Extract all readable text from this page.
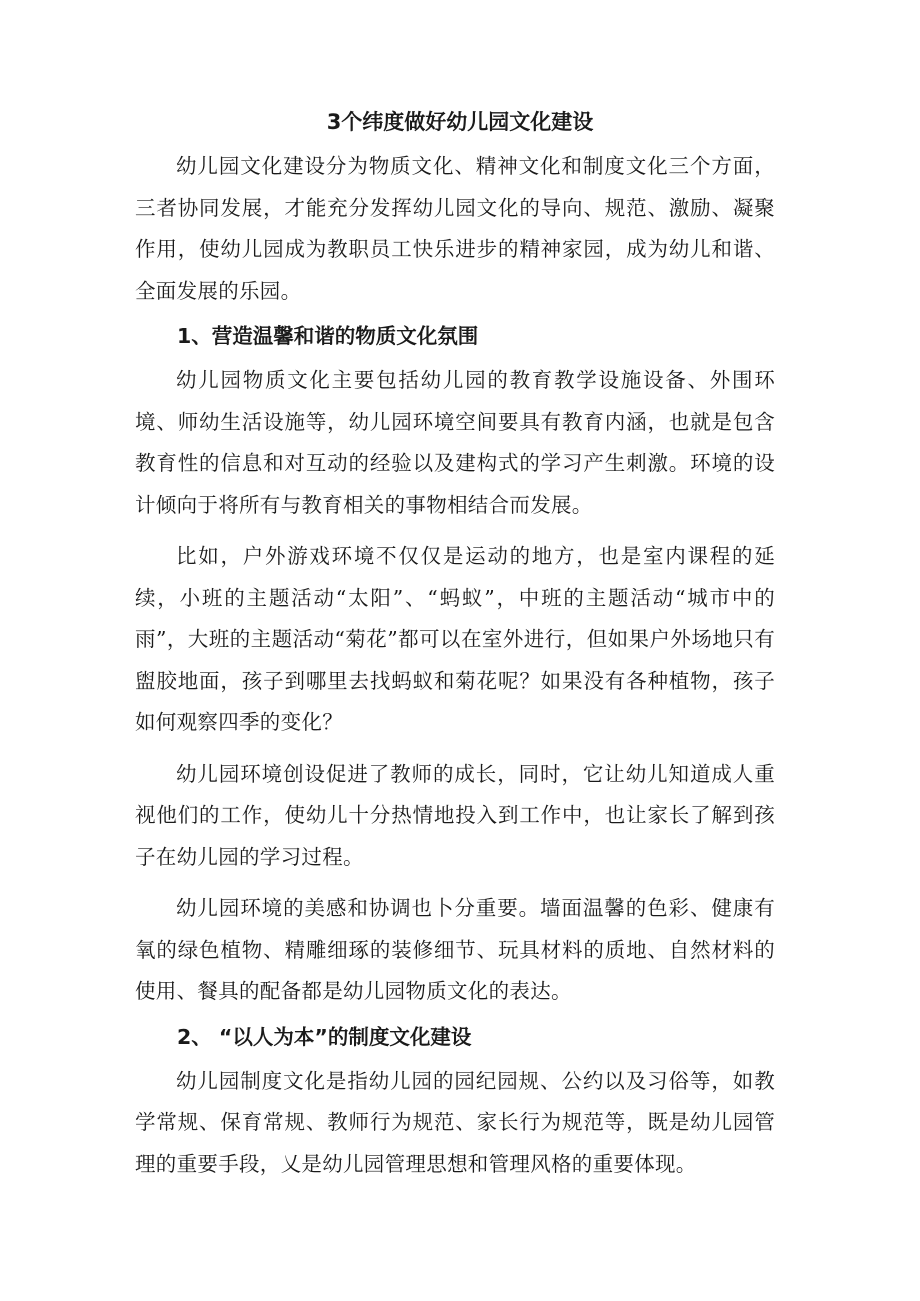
3个纬度做好幼儿园文化建设

幼儿园文化建设分为物质文化、精神文化和制度文化三个方面，三者协同发展，才能充分发挥幼儿园文化的导向、规范、激励、凝聚作用，使幼儿园成为教职员工快乐进步的精神家园，成为幼儿和谐、全面发展的乐园。

1、营造温馨和谐的物质文化氛围

幼儿园物质文化主要包括幼儿园的教育教学设施设备、外围环境、师幼生活设施等，幼儿园环境空间要具有教育内涵，也就是包含教育性的信息和对互动的经验以及建构式的学习产生刺激。环境的设计倾向于将所有与教育相关的事物相结合而发展。

比如，户外游戏环境不仅仅是运动的地方，也是室内课程的延续，小班的主题活动“太阳”、“蚂蚁”，中班的主题活动“城市中的雨”，大班的主题活动“菊花”都可以在室外进行，但如果户外场地只有盥胶地面，孩子到哪里去找蚂蚁和菊花呢？如果没有各种植物，孩子如何观察四季的变化？

幼儿园环境创设促进了教师的成长，同时，它让幼儿知道成人重视他们的工作，使幼儿十分热情地投入到工作中，也让家长了解到孩子在幼儿园的学习过程。

幼儿园环境的美感和协调也卜分重要。墙面温馨的色彩、健康有氧的绿色植物、精雕细琢的装修细节、玩具材料的质地、自然材料的使用、餐具的配备都是幼儿园物质文化的表达。

2、 “以人为本”的制度文化建设

幼儿园制度文化是指幼儿园的园纪园规、公约以及习俗等，如教学常规、保育常规、教师行为规范、家长行为规范等，既是幼儿园管理的重要手段，乂是幼儿园管理思想和管理风格的重要体现。
